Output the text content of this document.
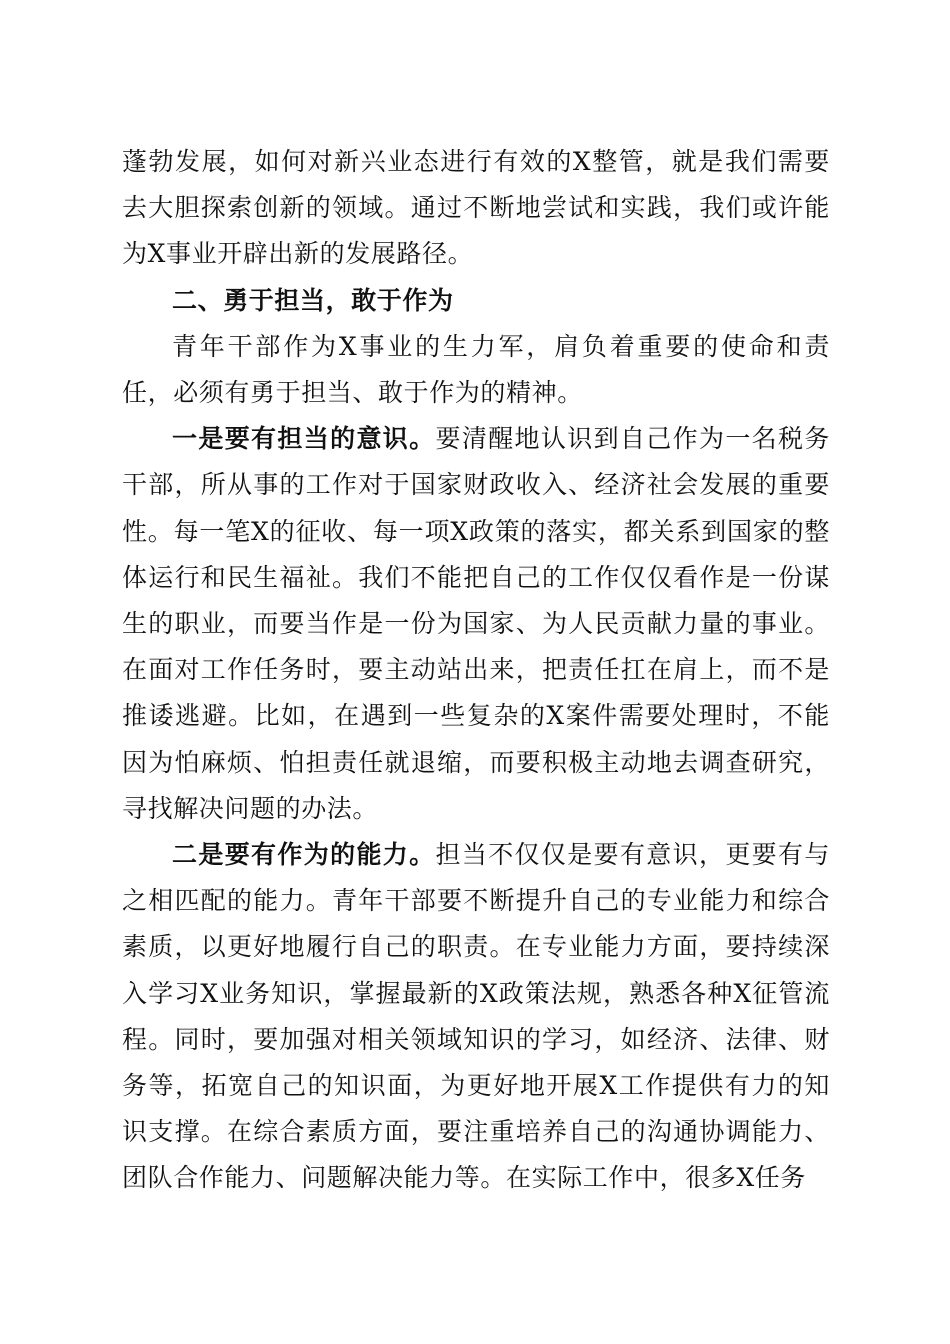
蓬勃发展，如何对新兴业态进行有效的X整管，就是我们需要去大胆探索创新的领域。通过不断地尝试和实践，我们或许能为X事业开辟出新的发展路径。

二、勇于担当，敢于作为

青年干部作为X事业的生力军，肩负着重要的使命和责任，必须有勇于担当、敢于作为的精神。

一是要有担当的意识。要清醒地认识到自己作为一名税务干部，所从事的工作对于国家财政收入、经济社会发展的重要性。每一笔X的征收、每一项X政策的落实，都关系到国家的整体运行和民生福祉。我们不能把自己的工作仅仅看作是一份谋生的职业，而要当作是一份为国家、为人民贡献力量的事业。在面对工作任务时，要主动站出来，把责任扛在肩上，而不是推诿逃避。比如，在遇到一些复杂的X案件需要处理时，不能因为怕麻烦、怕担责任就退缩，而要积极主动地去调查研究，寻找解决问题的办法。

二是要有作为的能力。担当不仅仅是要有意识，更要有与之相匹配的能力。青年干部要不断提升自己的专业能力和综合素质，以更好地履行自己的职责。在专业能力方面，要持续深入学习X业务知识，掌握最新的X政策法规，熟悉各种X征管流程。同时，要加强对相关领域知识的学习，如经济、法律、财务等，拓宽自己的知识面，为更好地开展X工作提供有力的知识支撑。在综合素质方面，要注重培养自己的沟通协调能力、团队合作能力、问题解决能力等。在实际工作中，很多X任务
